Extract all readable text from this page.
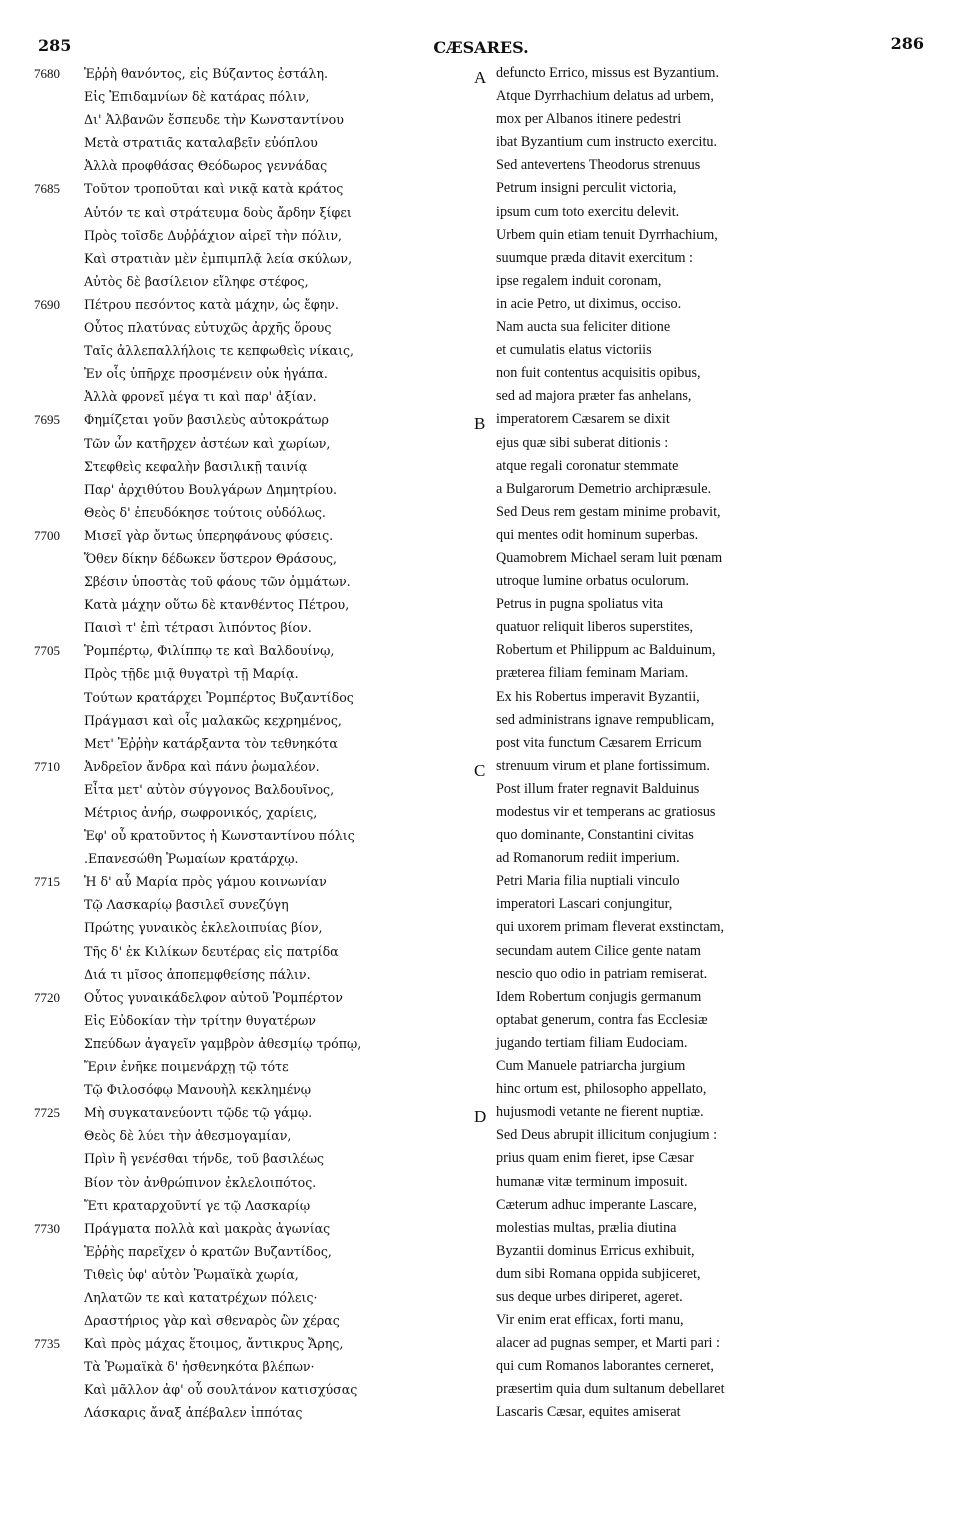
285	CÆSARES.	286
7680	Ἐῤῥὴ θανόντος, εἰς Βύζαντος ἐστάλη.
Εἰς Ἐπιδαμνίων δὲ κατάρας πόλιν,
Δι' Ἀλβανῶν ἔσπευδε τὴν Κωνσταντίνου
Μετὰ στρατιᾶς καταλαβεῖν εὐόπλου
Ἀλλὰ προφθάσας Θεόδωρος γεννάδας
7685	Τοῦτον τροποῦται καὶ νικᾷ κατὰ κράτος
Αὐτόν τε καὶ στράτευμα δοὺς ἄρδην ξίφει
Πρὸς τοῖσδε Δυῤῥάχιον αἱρεῖ τὴν πόλιν,
Καὶ στρατιὰν μὲν ἐμπιμπλᾷ λεία σκύλων,
Αὐτὸς δὲ βασίλειον εἴληφε στέφος,
7690	Πέτρου πεσόντος κατὰ μάχην, ὡς ἔφην.
Οὗτος πλατύνας εὐτυχῶς ἀρχῆς ὅρους
Ταῖς ἀλλεπαλλήλοις τε κεπφωθεὶς νίκαις,
Ἐν οἷς ὑπῆρχε προσμένειν οὐκ ἠγάπα.
Ἀλλὰ φρονεῖ μέγα τι καὶ παρ' ἀξίαν.
7695	Φημίζεται γοῦν βασιλεὺς αὐτοκράτωρ
Τῶν ὧν κατῆρχεν ἀστέων καὶ χωρίων,
Στεφθεὶς κεφαλὴν βασιλικῇ ταινίᾳ
Παρ' ἀρχιθύτου Βουλγάρων Δημητρίου.
Θεὸς δ' ἐπευδόκησε τούτοις οὐδόλως.
7700	Μισεῖ γὰρ ὄντως ὑπερηφάνους φύσεις.
Ὅθεν δίκην δέδωκεν ὕστερον Θράσους,
Σβέσιν ὑποστὰς τοῦ φάους τῶν ὀμμάτων.
Κατὰ μάχην οὕτω δὲ κτανθέντος Πέτρου,
Παισὶ τ' ἐπὶ τέτρασι λιπόντος βίον.
7705	Ῥομπέρτῳ, Φιλίππῳ τε καὶ Βαλδουίνῳ,
Πρὸς τῇδε μιᾷ θυγατρὶ τῇ Μαρίᾳ.
Τούτων κρατάρχει Ῥομπέρτος Βυζαντίδος
Πράγμασι καὶ οἷς μαλακῶς κεχρημένος,
Μετ' Ἐῤῥὴν κατάρξαντα τὸν τεθνηκότα
7710	Ἀνδρεῖον ἄνδρα καὶ πάνυ ῥωμαλέον.
Εἶτα μετ' αὐτὸν σύγγονος Βαλδουῖνος,
Μέτριος ἀνήρ, σωφρονικός, χαρίεις,
Ἐφ' οὗ κρατοῦντος ἡ Κωνσταντίνου πόλις
.Επανεσώθη Ῥωμαίων κρατάρχῳ.
7715	Ἡ δ' αὖ Μαρία πρὸς γάμου κοινωνίαν
Τῷ Λασκαρίῳ βασιλεῖ συνεζύγη
Πρώτης γυναικὸς ἐκλελοιπυίας βίον,
Τῆς δ' ἐκ Κιλίκων δευτέρας εἰς πατρίδα
Διά τι μῖσος ἀποπεμφθείσης πάλιν.
7720	Οὗτος γυναικάδελφον αὐτοῦ Ῥομπέρτον
Εἰς Εὐδοκίαν τὴν τρίτην θυγατέρων
Σπεύδων ἀγαγεῖν γαμβρὸν ἀθεσμίῳ τρόπῳ,
Ἔριν ἐνῆκε ποιμενάρχῃ τῷ τότε
Τῷ Φιλοσόφῳ Μανουὴλ κεκλημένῳ
7725	Μὴ συγκατανεύοντι τῷδε τῷ γάμῳ.
Θεὸς δὲ λύει τὴν ἀθεσμογαμίαν,
Πρὶν ἢ γενέσθαι τήνδε, τοῦ βασιλέως
Βίον τὸν ἀνθρώπινον ἐκλελοιπότος.
Ἔτι κραταρχοῦντί γε τῷ Λασκαρίῳ
7730	Πράγματα πολλὰ καὶ μακρὰς ἀγωνίας
Ἐῤῥὴς παρεῖχεν ὁ κρατῶν Βυζαντίδος,
Τιθεὶς ὑφ' αὑτὸν Ῥωμαϊκὰ χωρία,
Ληλατῶν τε καὶ κατατρέχων πόλεις·
Δραστήριος γὰρ καὶ σθεναρὸς ὢν χέρας
7735	Καὶ πρὸς μάχας ἕτοιμος, ἄντικρυς Ἄρης,
Τὰ Ῥωμαϊκὰ δ' ἠσθενηκότα βλέπων·
Καὶ μᾶλλον ἀφ' οὗ σουλτάνον κατισχύσας
Λάσκαρις ἄναξ ἀπέβαλεν ἱππότας
A defuncto Errico, missus est Byzantium.
Atque Dyrrhachium delatus ad urbem,
mox per Albanos itinere pedestri
ibat Byzantium cum instructo exercitu.
Sed antevertens Theodorus strenuus
Petrum insigni perculit victoria,
ipsum cum toto exercitu delevit.
Urbem quin etiam tenuit Dyrrhachium,
suumque præda ditavit exercitum :
ipse regalem induit coronam,
in acie Petro, ut diximus, occiso.
Nam aucta sua feliciter ditione
et cumulatis elatus victoriis
non fuit contentus acquisitis opibus,
sed ad majora præter fas anhelans,
B imperatorem Cæsarem se dixit
ejus quæ sibi suberat ditionis :
atque regali coronatur stemmate
a Bulgarorum Demetrio archipræsule.
Sed Deus rem gestam minime probavit,
qui mentes odit hominum superbas.
Quamobrem Michael seram luit pœnam
utroque lumine orbatus oculorum.
Petrus in pugna spoliatus vita
quatuor reliquit liberos superstites,
Robertum et Philippum ac Balduinum,
præterea filiam feminam Mariam.
Ex his Robertus imperavit Byzantii,
sed administrans ignave rempublicam,
post vita functum Cæsarem Erricum
C strenuum virum et plane fortissimum.
Post illum frater regnavit Balduinus
modestus vir et temperans ac gratiosus
quo dominante, Constantini civitas
ad Romanorum rediit imperium.
Petri Maria filia nuptiali vinculo
imperatori Lascari conjungitur,
qui uxorem primam fleverat exstinctam,
secundam autem Cilice gente natam
nescio quo odio in patriam remiserat.
Idem Robertum conjugis germanum
optabat generum, contra fas Ecclesiæ
jugando tertiam filiam Eudociam.
Cum Manuele patriarcha jurgium
hinc ortum est, philosopho appellato,
D hujusmodi vetante ne fierent nuptiæ.
Sed Deus abrupit illicitum conjugium :
prius quam enim fieret, ipse Cæsar
humanæ vitæ terminum imposuit.
Cæterum adhuc imperante Lascare,
molestias multas, prælia diutina
Byzantii dominus Erricus exhibuit,
dum sibi Romana oppida subjiceret,
sus deque urbes diriperet, ageret.
Vir enim erat efficax, forti manu,
alacer ad pugnas semper, et Marti pari :
qui cum Romanos laborantes cerneret,
præsertim quia dum sultanum debellaret
Lascaris Cæsar, equites amiserat
